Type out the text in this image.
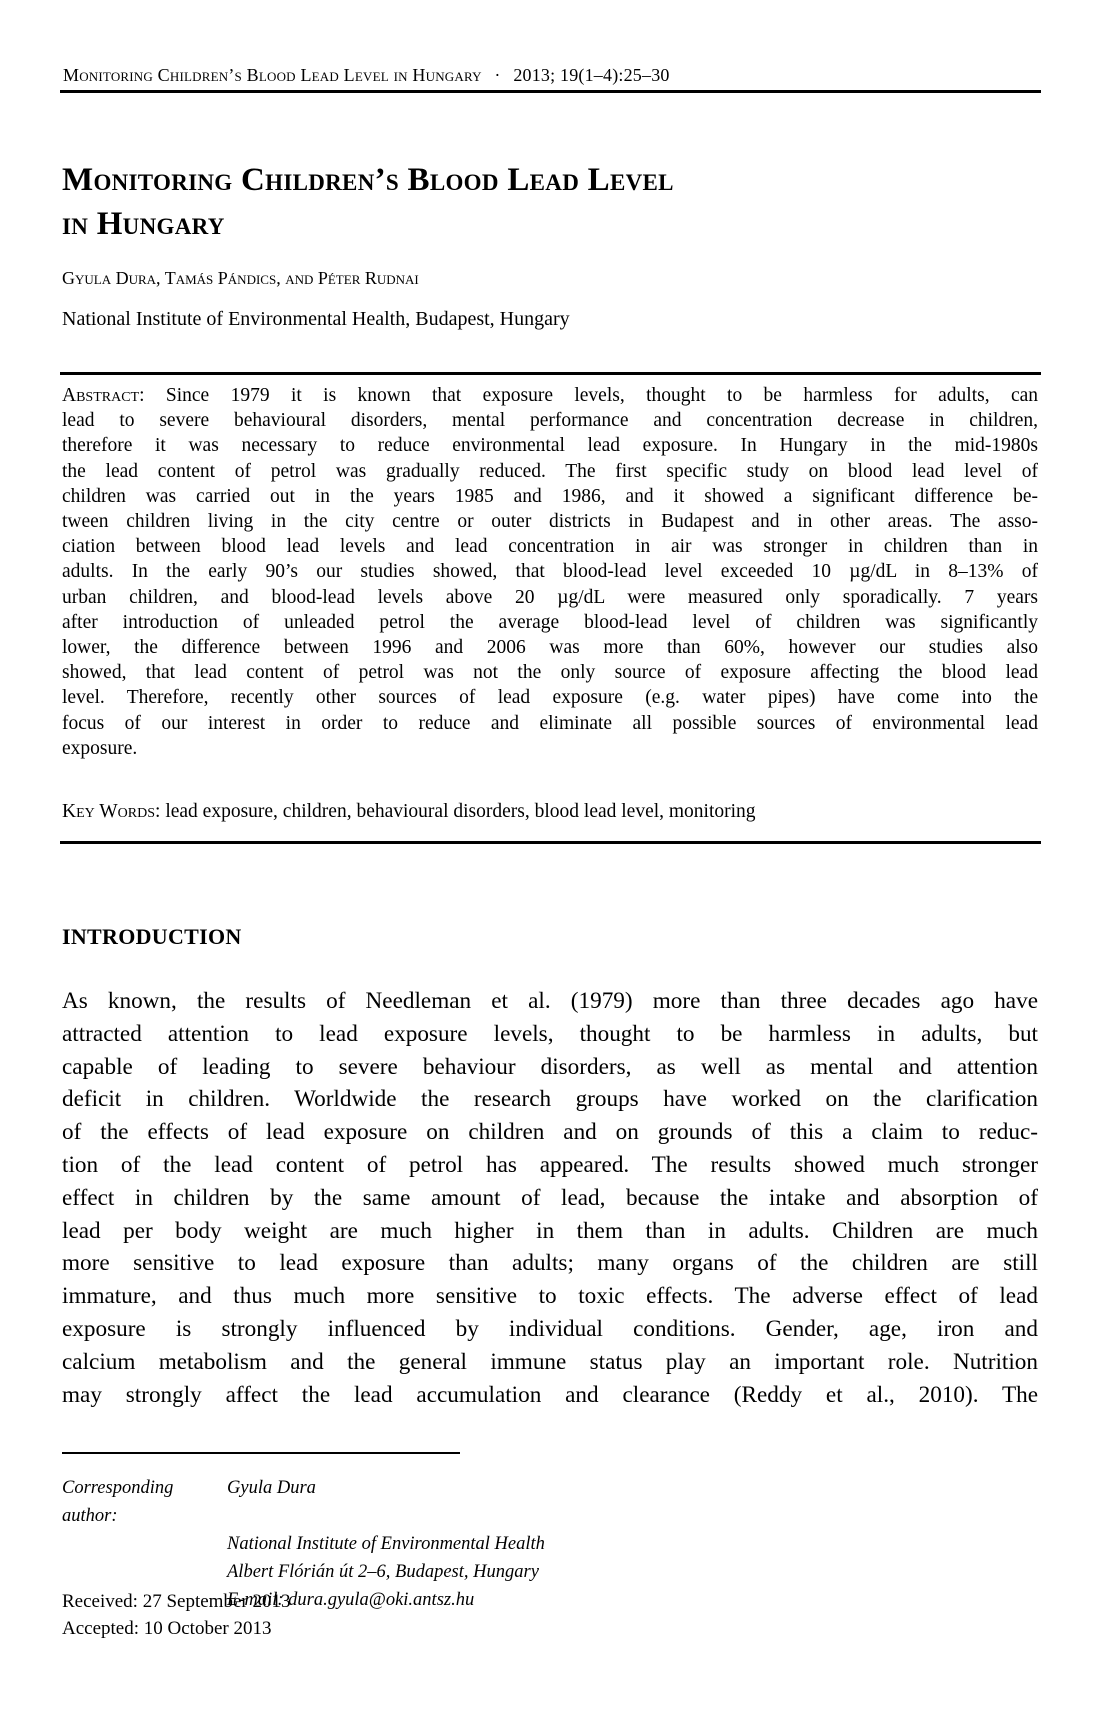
Monitoring Children’s Blood Lead Level in Hungary · 2013; 19(1–4):25–30
Monitoring Children’s Blood Lead Level
in Hungary
Gyula Dura, Tamás Pándics, and Péter Rudnai
National Institute of Environmental Health, Budapest, Hungary
Abstract: Since 1979 it is known that exposure levels, thought to be harmless for adults, can
lead to severe behavioural disorders, mental performance and concentration decrease in children,
therefore it was necessary to reduce environmental lead exposure. In Hungary in the mid-1980s
the lead content of petrol was gradually reduced. The first specific study on blood lead level of
children was carried out in the years 1985 and 1986, and it showed a significant difference be-
tween children living in the city centre or outer districts in Budapest and in other areas. The asso-
ciation between blood lead levels and lead concentration in air was stronger in children than in
adults. In the early 90’s our studies showed, that blood-lead level exceeded 10 µg/dL in 8–13% of
urban children, and blood-lead levels above 20 µg/dL were measured only sporadically. 7 years
after introduction of unleaded petrol the average blood-lead level of children was significantly
lower, the difference between 1996 and 2006 was more than 60%, however our studies also
showed, that lead content of petrol was not the only source of exposure affecting the blood lead
level. Therefore, recently other sources of lead exposure (e.g. water pipes) have come into the
focus of our interest in order to reduce and eliminate all possible sources of environmental lead
exposure.
Key Words: lead exposure, children, behavioural disorders, blood lead level, monitoring
INTRODUCTION
As known, the results of Needleman et al. (1979) more than three decades ago have
attracted attention to lead exposure levels, thought to be harmless in adults, but
capable of leading to severe behaviour disorders, as well as mental and attention
deficit in children. Worldwide the research groups have worked on the clarification
of the effects of lead exposure on children and on grounds of this a claim to reduc-
tion of the lead content of petrol has appeared. The results showed much stronger
effect in children by the same amount of lead, because the intake and absorption of
lead per body weight are much higher in them than in adults. Children are much
more sensitive to lead exposure than adults; many organs of the children are still
immature, and thus much more sensitive to toxic effects. The adverse effect of lead
exposure is strongly influenced by individual conditions. Gender, age, iron and
calcium metabolism and the general immune status play an important role. Nutrition
may strongly affect the lead accumulation and clearance (Reddy et al., 2010). The
Corresponding author:
Gyula Dura
National Institute of Environmental Health
Albert Flórián út 2–6, Budapest, Hungary
E-mail: dura.gyula@oki.antsz.hu
Received: 27 September 2013
Accepted: 10 October 2013
